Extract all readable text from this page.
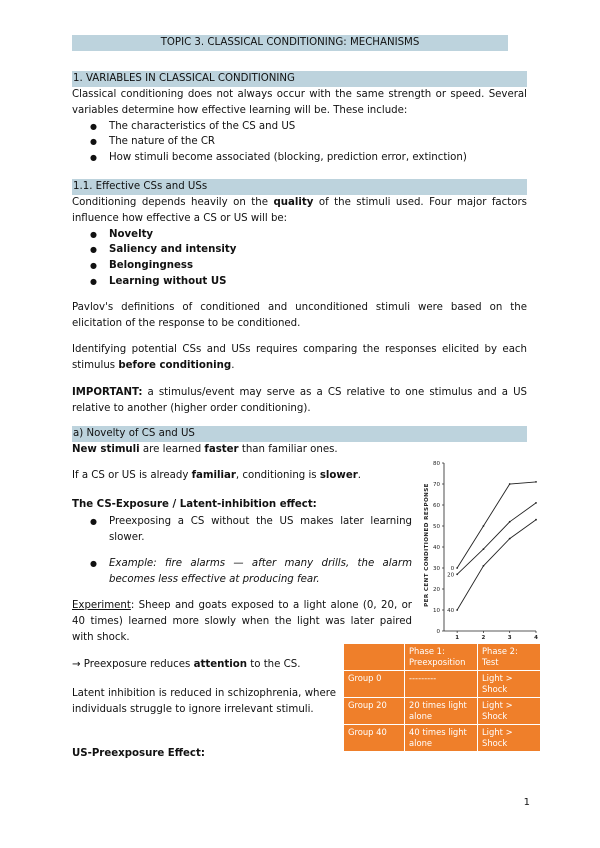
TOPIC 3. CLASSICAL CONDITIONING: MECHANISMS
1. VARIABLES IN CLASSICAL CONDITIONING
Classical conditioning does not always occur with the same strength or speed. Several variables determine how effective learning will be. These include:
● The characteristics of the CS and US
● The nature of the CR
● How stimuli become associated (blocking, prediction error, extinction)
1.1. Effective CSs and USs
Conditioning depends heavily on the quality of the stimuli used. Four major factors influence how effective a CS or US will be:
● Novelty
● Saliency and intensity
● Belongingness
● Learning without US
Pavlov's definitions of conditioned and unconditioned stimuli were based on the elicitation of the response to be conditioned.
Identifying potential CSs and USs requires comparing the responses elicited by each stimulus before conditioning.
IMPORTANT: a stimulus/event may serve as a CS relative to one stimulus and a US relative to another (higher order conditioning).
a) Novelty of CS and US
New stimuli are learned faster than familiar ones.
If a CS or US is already familiar, conditioning is slower.
The CS-Exposure / Latent-inhibition effect:
● Preexposing a CS without the US makes later learning slower.
● Example: fire alarms — after many drills, the alarm becomes less effective at producing fear.
Experiment: Sheep and goats exposed to a light alone (0, 20, or 40 times) learned more slowly when the light was later paired with shock.
→ Preexposure reduces attention to the CS.
Latent inhibition is reduced in schizophrenia, where individuals struggle to ignore irrelevant stimuli.
US-Preexposure Effect:
PER CENT CONDITIONED RESPONSE
0
10
20
30
40
50
60
70
80
1	2	3	4
0
20
40
	Phase 1: Preexposition	Phase 2: Test
Group 0	---------	Light > Shock
Group 20	20 times light alone	Light > Shock
Group 40	40 times light alone	Light > Shock
1
